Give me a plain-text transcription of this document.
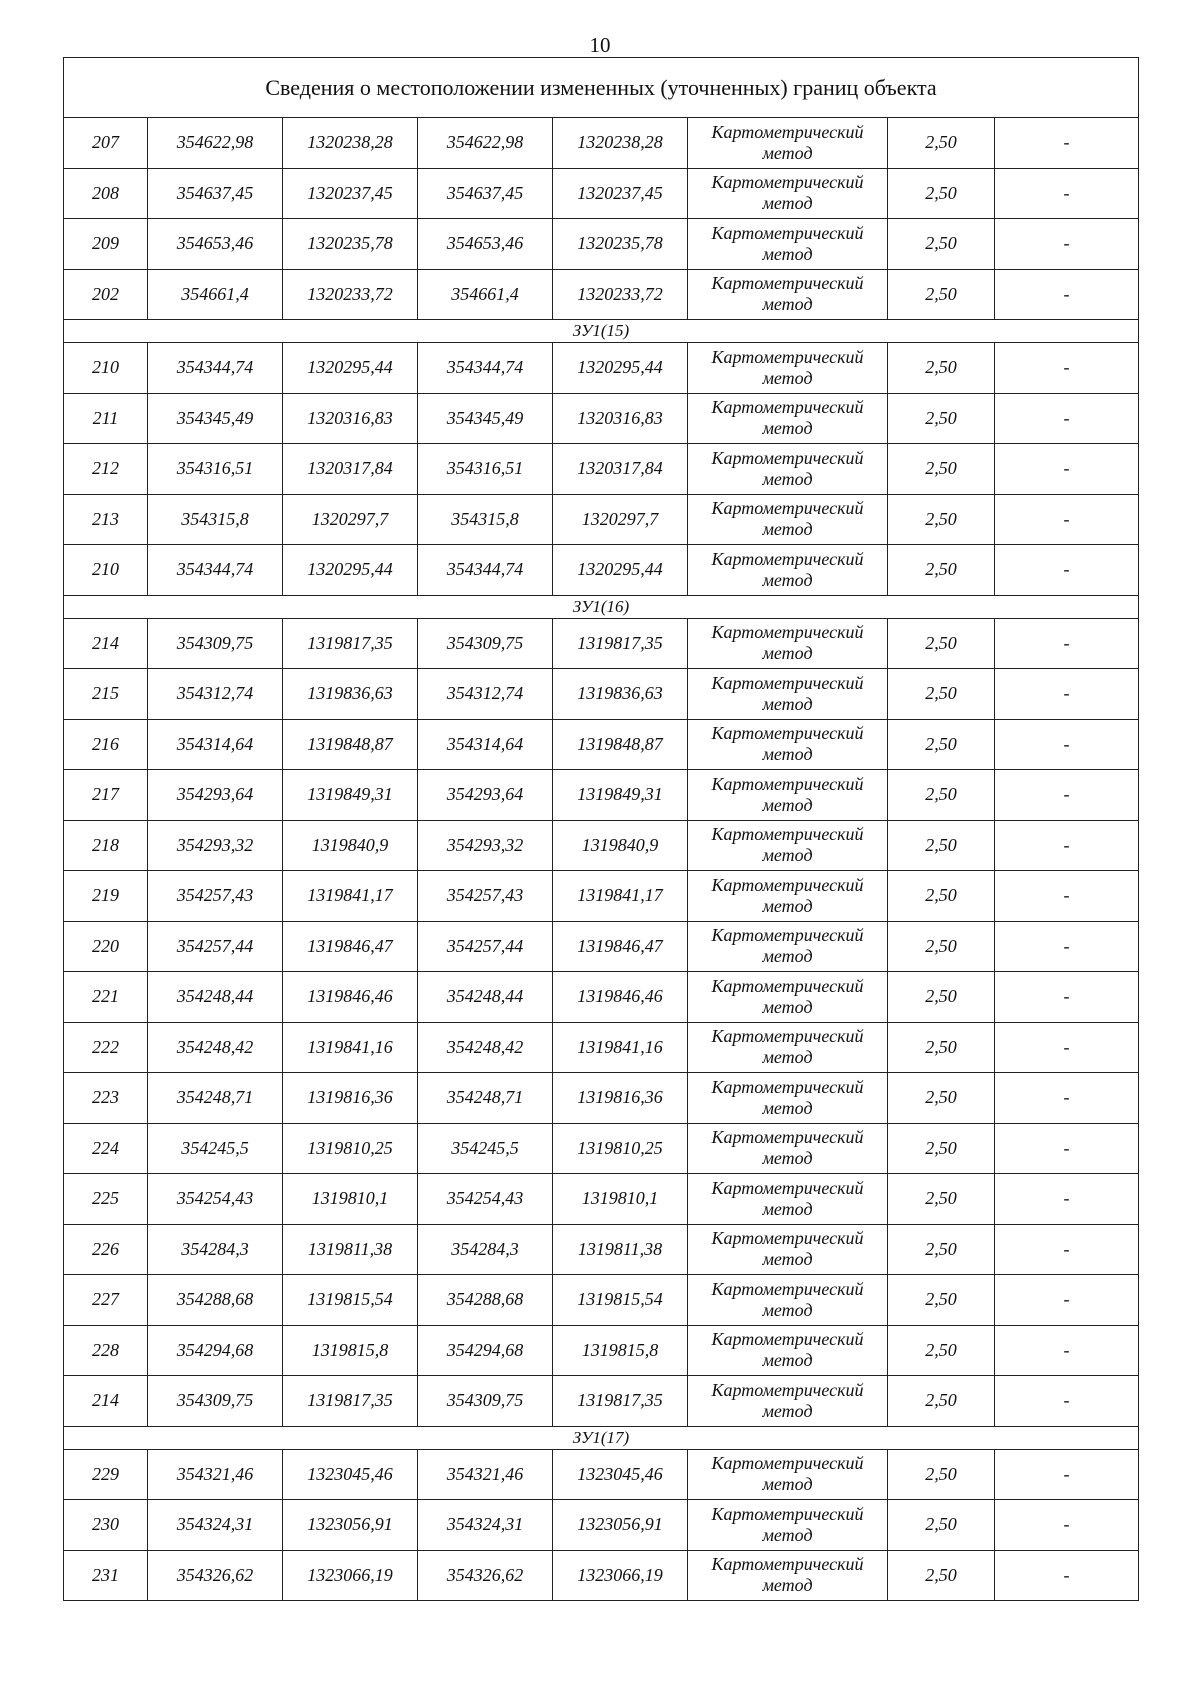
10
Сведения о местоположении измененных (уточненных) границ объекта							
207	354622,98	1320238,28	354622,98	1320238,28	Картометрический
метод	2,50	-
208	354637,45	1320237,45	354637,45	1320237,45	Картометрический
метод	2,50	-
209	354653,46	1320235,78	354653,46	1320235,78	Картометрический
метод	2,50	-
202	354661,4	1320233,72	354661,4	1320233,72	Картометрический
метод	2,50	-
ЗУ1(15)							
210	354344,74	1320295,44	354344,74	1320295,44	Картометрический
метод	2,50	-
211	354345,49	1320316,83	354345,49	1320316,83	Картометрический
метод	2,50	-
212	354316,51	1320317,84	354316,51	1320317,84	Картометрический
метод	2,50	-
213	354315,8	1320297,7	354315,8	1320297,7	Картометрический
метод	2,50	-
210	354344,74	1320295,44	354344,74	1320295,44	Картометрический
метод	2,50	-
ЗУ1(16)							
214	354309,75	1319817,35	354309,75	1319817,35	Картометрический
метод	2,50	-
215	354312,74	1319836,63	354312,74	1319836,63	Картометрический
метод	2,50	-
216	354314,64	1319848,87	354314,64	1319848,87	Картометрический
метод	2,50	-
217	354293,64	1319849,31	354293,64	1319849,31	Картометрический
метод	2,50	-
218	354293,32	1319840,9	354293,32	1319840,9	Картометрический
метод	2,50	-
219	354257,43	1319841,17	354257,43	1319841,17	Картометрический
метод	2,50	-
220	354257,44	1319846,47	354257,44	1319846,47	Картометрический
метод	2,50	-
221	354248,44	1319846,46	354248,44	1319846,46	Картометрический
метод	2,50	-
222	354248,42	1319841,16	354248,42	1319841,16	Картометрический
метод	2,50	-
223	354248,71	1319816,36	354248,71	1319816,36	Картометрический
метод	2,50	-
224	354245,5	1319810,25	354245,5	1319810,25	Картометрический
метод	2,50	-
225	354254,43	1319810,1	354254,43	1319810,1	Картометрический
метод	2,50	-
226	354284,3	1319811,38	354284,3	1319811,38	Картометрический
метод	2,50	-
227	354288,68	1319815,54	354288,68	1319815,54	Картометрический
метод	2,50	-
228	354294,68	1319815,8	354294,68	1319815,8	Картометрический
метод	2,50	-
214	354309,75	1319817,35	354309,75	1319817,35	Картометрический
метод	2,50	-
ЗУ1(17)							
229	354321,46	1323045,46	354321,46	1323045,46	Картометрический
метод	2,50	-
230	354324,31	1323056,91	354324,31	1323056,91	Картометрический
метод	2,50	-
231	354326,62	1323066,19	354326,62	1323066,19	Картометрический
метод	2,50	-
